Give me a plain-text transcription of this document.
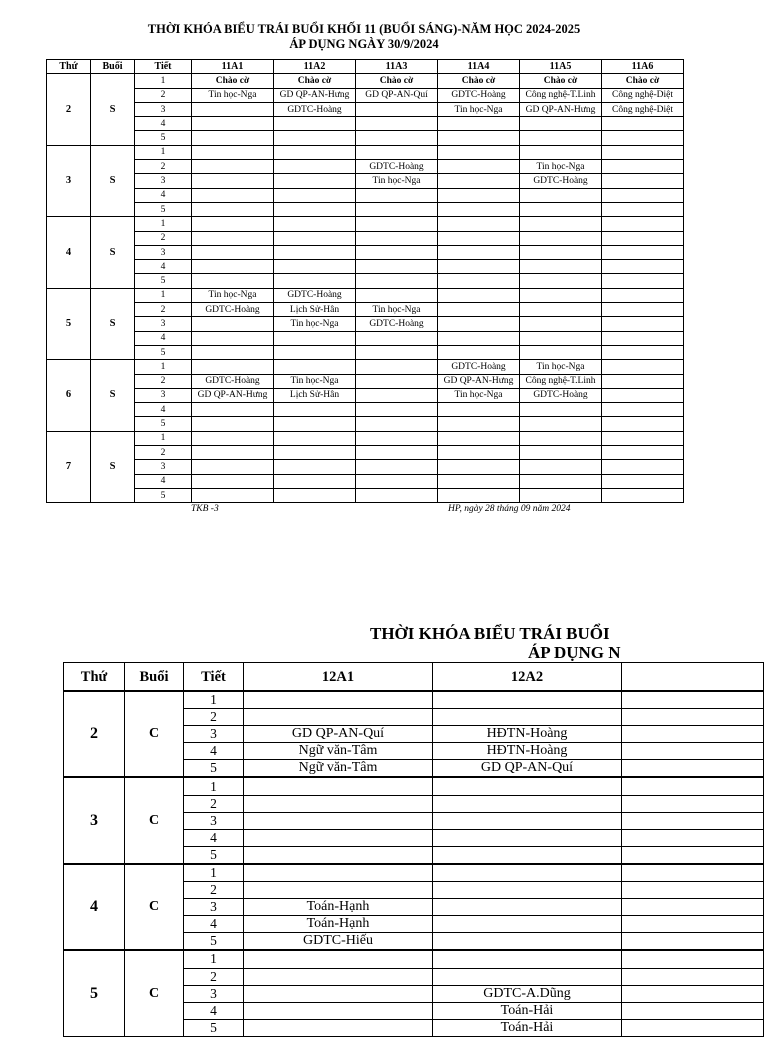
THỜI KHÓA BIỂU TRÁI BUỔI KHỐI 11 (BUỔI SÁNG)-NĂM HỌC 2024-2025
ÁP DỤNG NGÀY 30/9/2024
Thứ	Buổi	Tiết	11A1	11A2	11A3	11A4	11A5	11A6
2	S	1	Chào cờ	Chào cờ	Chào cờ	Chào cờ	Chào cờ	Chào cờ
		2	Tin học-Nga	GD QP-AN-Hưng	GD QP-AN-Quí	GDTC-Hoàng	Công nghệ-T.Linh	Công nghệ-Diệt
		3		GDTC-Hoàng		Tin học-Nga	GD QP-AN-Hưng	Công nghệ-Diệt
		4						
		5						
3	S	1						
		2			GDTC-Hoàng		Tin học-Nga	
		3			Tin học-Nga		GDTC-Hoàng	
		4						
		5						
4	S	1						
		2						
		3						
		4						
		5						
5	S	1	Tin học-Nga	GDTC-Hoàng				
		2	GDTC-Hoàng	Lịch Sử-Hân	Tin học-Nga			
		3		Tin học-Nga	GDTC-Hoàng			
		4						
		5						
6	S	1				GDTC-Hoàng	Tin học-Nga	
		2	GDTC-Hoàng	Tin học-Nga		GD QP-AN-Hưng	Công nghệ-T.Linh	
		3	GD QP-AN-Hưng	Lịch Sử-Hân		Tin học-Nga	GDTC-Hoàng	
		4						
		5						
7	S	1						
		2						
		3						
		4						
		5						
TKB -3	HP, ngày 28 tháng 09 năm 2024
THỜI KHÓA BIỂU TRÁI BUỔI
ÁP DỤNG N
Thứ	Buổi	Tiết	12A1	12A2	
2	C	1			
		2			
		3	GD QP-AN-Quí	HĐTN-Hoàng	
		4	Ngữ văn-Tâm	HĐTN-Hoàng	
		5	Ngữ văn-Tâm	GD QP-AN-Quí	
3	C	1			
		2			
		3			
		4			
		5			
4	C	1			
		2			
		3	Toán-Hạnh		
		4	Toán-Hạnh		
		5	GDTC-Hiếu		
5	C	1			
		2			
		3		GDTC-A.Dũng	
		4		Toán-Hải	
		5		Toán-Hải	
